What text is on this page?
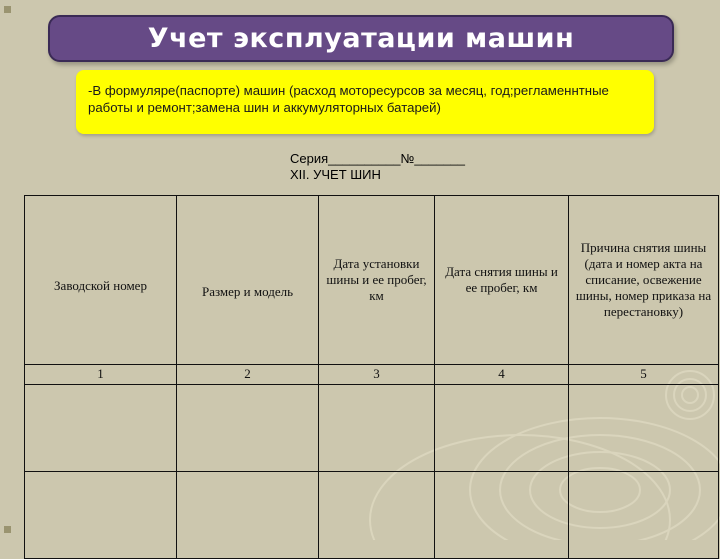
Учет эксплуатации машин
-В формуляре(паспорте) машин (расход моторесурсов за месяц, год;регламеннтные работы и ремонт;замена шин и аккумуляторных батарей)
Серия__________№_______
XII. УЧЕТ ШИН
Заводской номер	Размер и модель	Дата установки шины и ее пробег, км	Дата снятия шины и ее пробег, км	Причина снятия шины (дата и номер акта на списание, освежение шины, номер приказа на перестановку)
1	2	3	4	5
